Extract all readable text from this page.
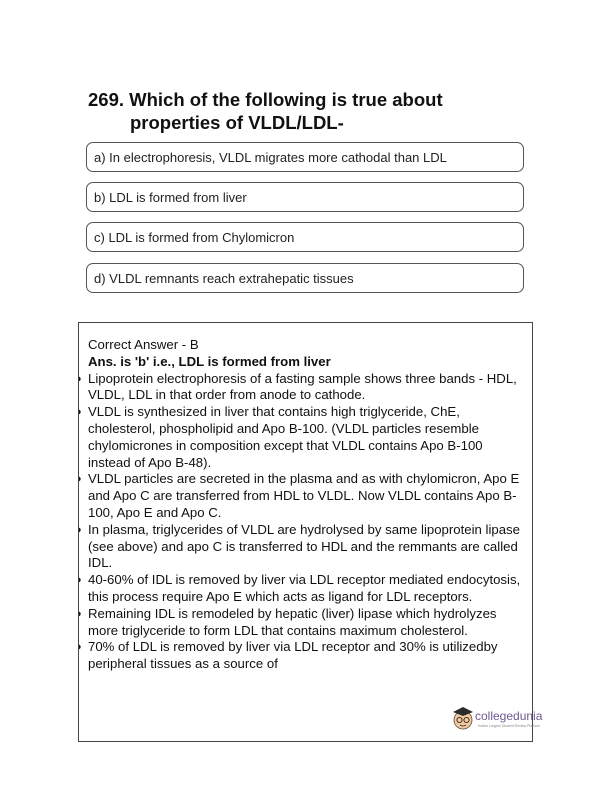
269. Which of the following is true about
properties of VLDL/LDL-
a) In electrophoresis, VLDL migrates more cathodal than LDL
b) LDL is formed from liver
c) LDL is formed from Chylomicron
d) VLDL remnants reach extrahepatic tissues
Correct Answer - B
Ans. is 'b' i.e., LDL is formed from liver
● Lipoprotein electrophoresis of a fasting sample shows three bands - HDL, VLDL, LDL in that order from anode to cathode.
● VLDL is synthesized in liver that contains high triglyceride, ChE, cholesterol, phospholipid and Apo B-100. (VLDL particles resemble chylomicrones in composition except that VLDL contains Apo B-100 instead of Apo B-48).
● VLDL particles are secreted in the plasma and as with chylomicron, Apo E and Apo C are transferred from HDL to VLDL. Now VLDL contains Apo B-100, Apo E and Apo C.
● In plasma, triglycerides of VLDL are hydrolysed by same lipoprotein lipase (see above) and apo C is transferred to HDL and the remmants are called IDL.
● 40-60% of IDL is removed by liver via LDL receptor mediated endocytosis, this process require Apo E which acts as ligand for LDL receptors.
● Remaining IDL is remodeled by hepatic (liver) lipase which hydrolyzes more triglyceride to form LDL that contains maximum cholesterol.
● 70% of LDL is removed by liver via LDL receptor and 30% is utilizedby peripheral tissues as a source of
collegedunia
India's Largest Student Review Platform
